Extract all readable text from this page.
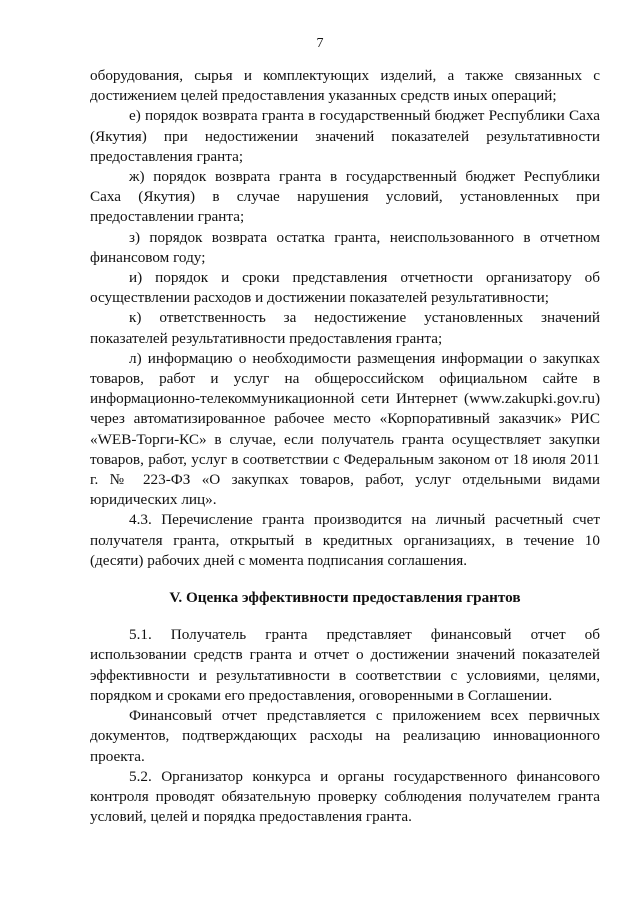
7

оборудования, сырья и комплектующих изделий, а также связанных с достижением целей предоставления указанных средств иных операций;

е) порядок возврата гранта в государственный бюджет Республики Саха (Якутия) при недостижении значений показателей результативности предоставления гранта;

ж) порядок возврата гранта в государственный бюджет Республики Саха (Якутия) в случае нарушения условий, установленных при предоставлении гранта;

з) порядок возврата остатка гранта, неиспользованного в отчетном финансовом году;

и) порядок и сроки представления отчетности организатору об осуществлении расходов и достижении показателей результативности;

к) ответственность за недостижение установленных значений показателей результативности предоставления гранта;

л) информацию о необходимости размещения информации о закупках товаров, работ и услуг на общероссийском официальном сайте в информационно-телекоммуникационной сети Интернет (www.zakupki.gov.ru) через автоматизированное рабочее место «Корпоративный заказчик» РИС «WEB-Торги-КС» в случае, если получатель гранта осуществляет закупки товаров, работ, услуг в соответствии с Федеральным законом от 18 июля 2011 г. № 223-ФЗ «О закупках товаров, работ, услуг отдельными видами юридических лиц».

4.3. Перечисление гранта производится на личный расчетный счет получателя гранта, открытый в кредитных организациях, в течение 10 (десяти) рабочих дней с момента подписания соглашения.

V. Оценка эффективности предоставления грантов

5.1. Получатель гранта представляет финансовый отчет об использовании средств гранта и отчет о достижении значений показателей эффективности и результативности в соответствии с условиями, целями, порядком и сроками его предоставления, оговоренными в Соглашении.

Финансовый отчет представляется с приложением всех первичных документов, подтверждающих расходы на реализацию инновационного проекта.

5.2. Организатор конкурса и органы государственного финансового контроля проводят обязательную проверку соблюдения получателем гранта условий, целей и порядка предоставления гранта.
